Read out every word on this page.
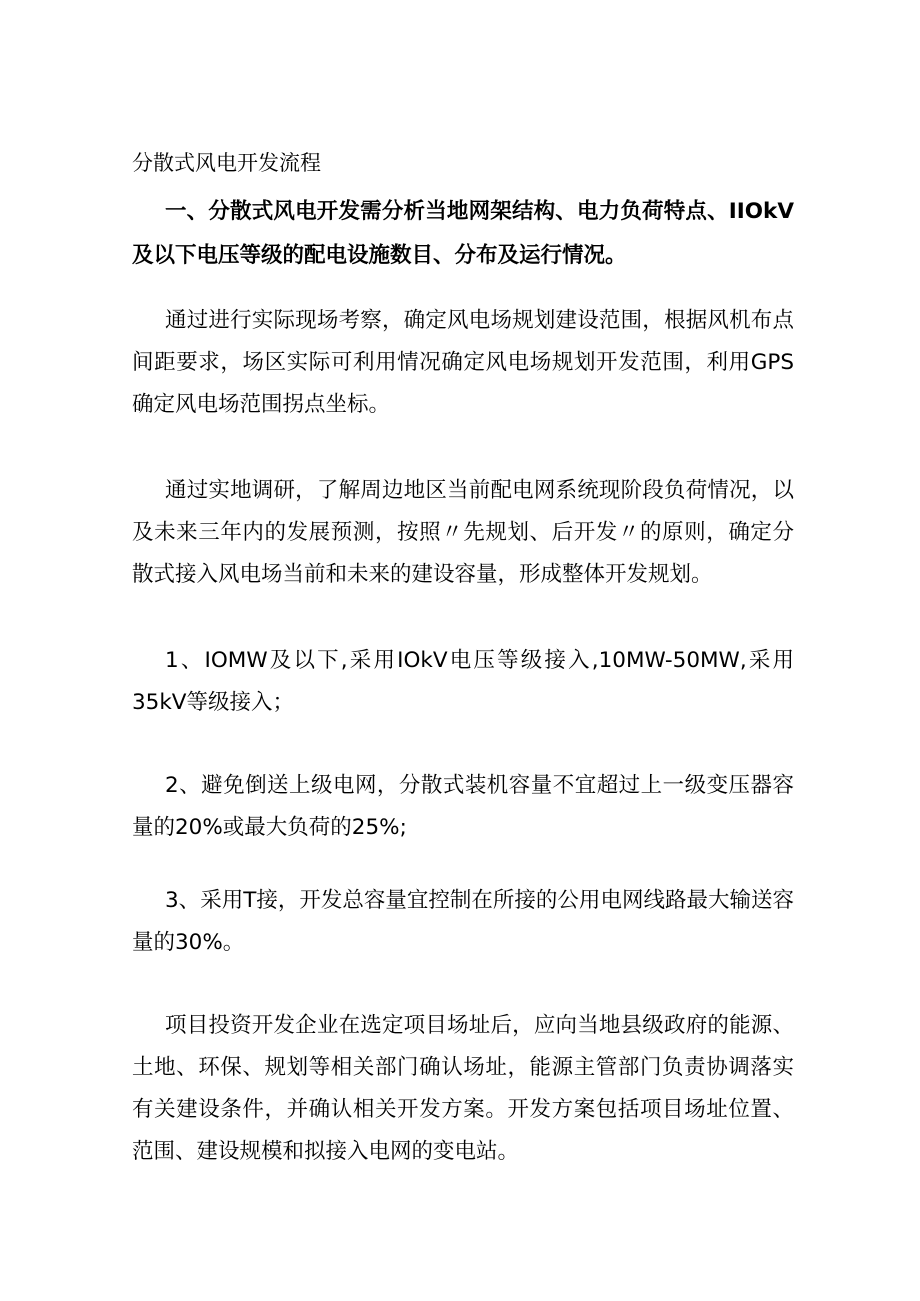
分散式风电开发流程

一、分散式风电开发需分析当地网架结构、电力负荷特点、IIOkV及以下电压等级的配电设施数目、分布及运行情况。

通过进行实际现场考察，确定风电场规划建设范围，根据风机布点间距要求，场区实际可利用情况确定风电场规划开发范围，利用GPS确定风电场范围拐点坐标。

通过实地调研，了解周边地区当前配电网系统现阶段负荷情况，以及未来三年内的发展预测，按照〃先规划、后开发〃的原则，确定分散式接入风电场当前和未来的建设容量，形成整体开发规划。

1、IOMW及以下,采用IOkV电压等级接入,10MW-50MW,采用35kV等级接入；

2、避免倒送上级电网，分散式装机容量不宜超过上一级变压器容量的20%或最大负荷的25%;

3、采用T接，开发总容量宜控制在所接的公用电网线路最大输送容量的30%。

项目投资开发企业在选定项目场址后，应向当地县级政府的能源、土地、环保、规划等相关部门确认场址，能源主管部门负责协调落实有关建设条件，并确认相关开发方案。开发方案包括项目场址位置、范围、建设规模和拟接入电网的变电站。
